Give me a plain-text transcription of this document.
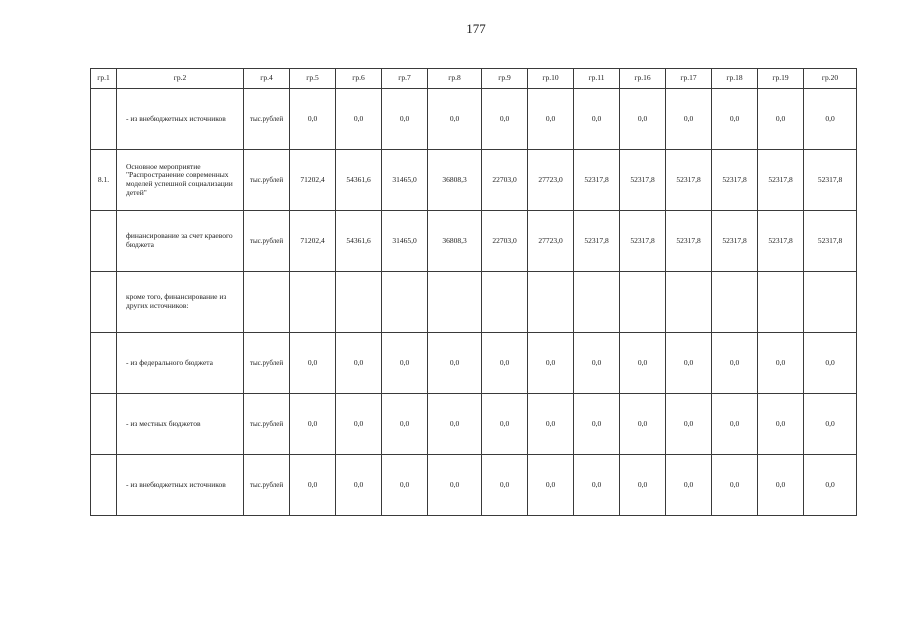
177
гр.1	гр.2	гр.4	гр.5	гр.6	гр.7	гр.8	гр.9	гр.10	гр.11	гр.16	гр.17	гр.18	гр.19	гр.20
	- из внебюджетных источников	тыс.рублей	0,0	0,0	0,0	0,0	0,0	0,0	0,0	0,0	0,0	0,0	0,0	0,0
8.1.	Основное мероприятие "Распространение современных моделей успешной социализации детей"	тыс.рублей	71202,4	54361,6	31465,0	36808,3	22703,0	27723,0	52317,8	52317,8	52317,8	52317,8	52317,8	52317,8
	финансирование за счет краевого бюджета	тыс.рублей	71202,4	54361,6	31465,0	36808,3	22703,0	27723,0	52317,8	52317,8	52317,8	52317,8	52317,8	52317,8
	кроме того, финансирование из других источников:													
	- из федерального бюджета	тыс.рублей	0,0	0,0	0,0	0,0	0,0	0,0	0,0	0,0	0,0	0,0	0,0	0,0
	- из местных бюджетов	тыс.рублей	0,0	0,0	0,0	0,0	0,0	0,0	0,0	0,0	0,0	0,0	0,0	0,0
	- из внебюджетных источников	тыс.рублей	0,0	0,0	0,0	0,0	0,0	0,0	0,0	0,0	0,0	0,0	0,0	0,0
